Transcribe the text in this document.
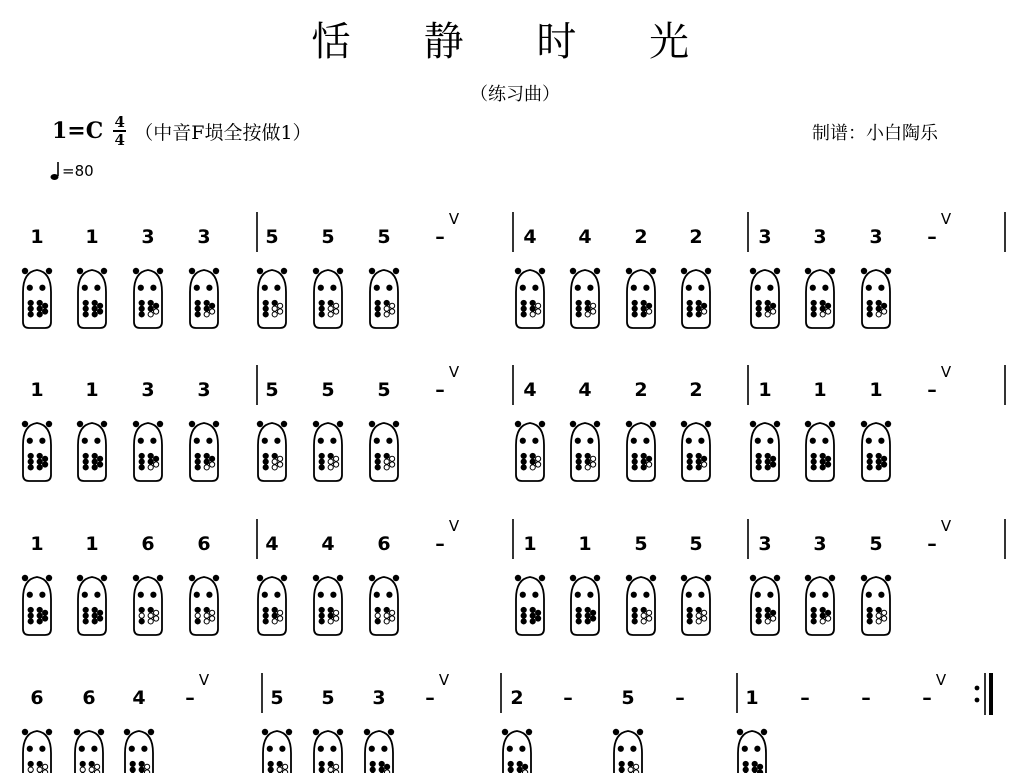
恬 静 时 光
（练习曲）
1=C 4
4 （中音F埙全按做1）	制谱：小白陶乐
=80
1 1 3 3	5 5 5 –
V
4 4 2 2	3 3 3 –
V
1 1 3 3	5 5 5 –
V
4 4 2 2	1 1 1 –
V
1 1 6 6	4 4 6 –
V
1 1 5 5	3 3 5 –
V
6 6 4 –
V
5 5 3 –
V
2 –	5 –	1 –	–	–
V
